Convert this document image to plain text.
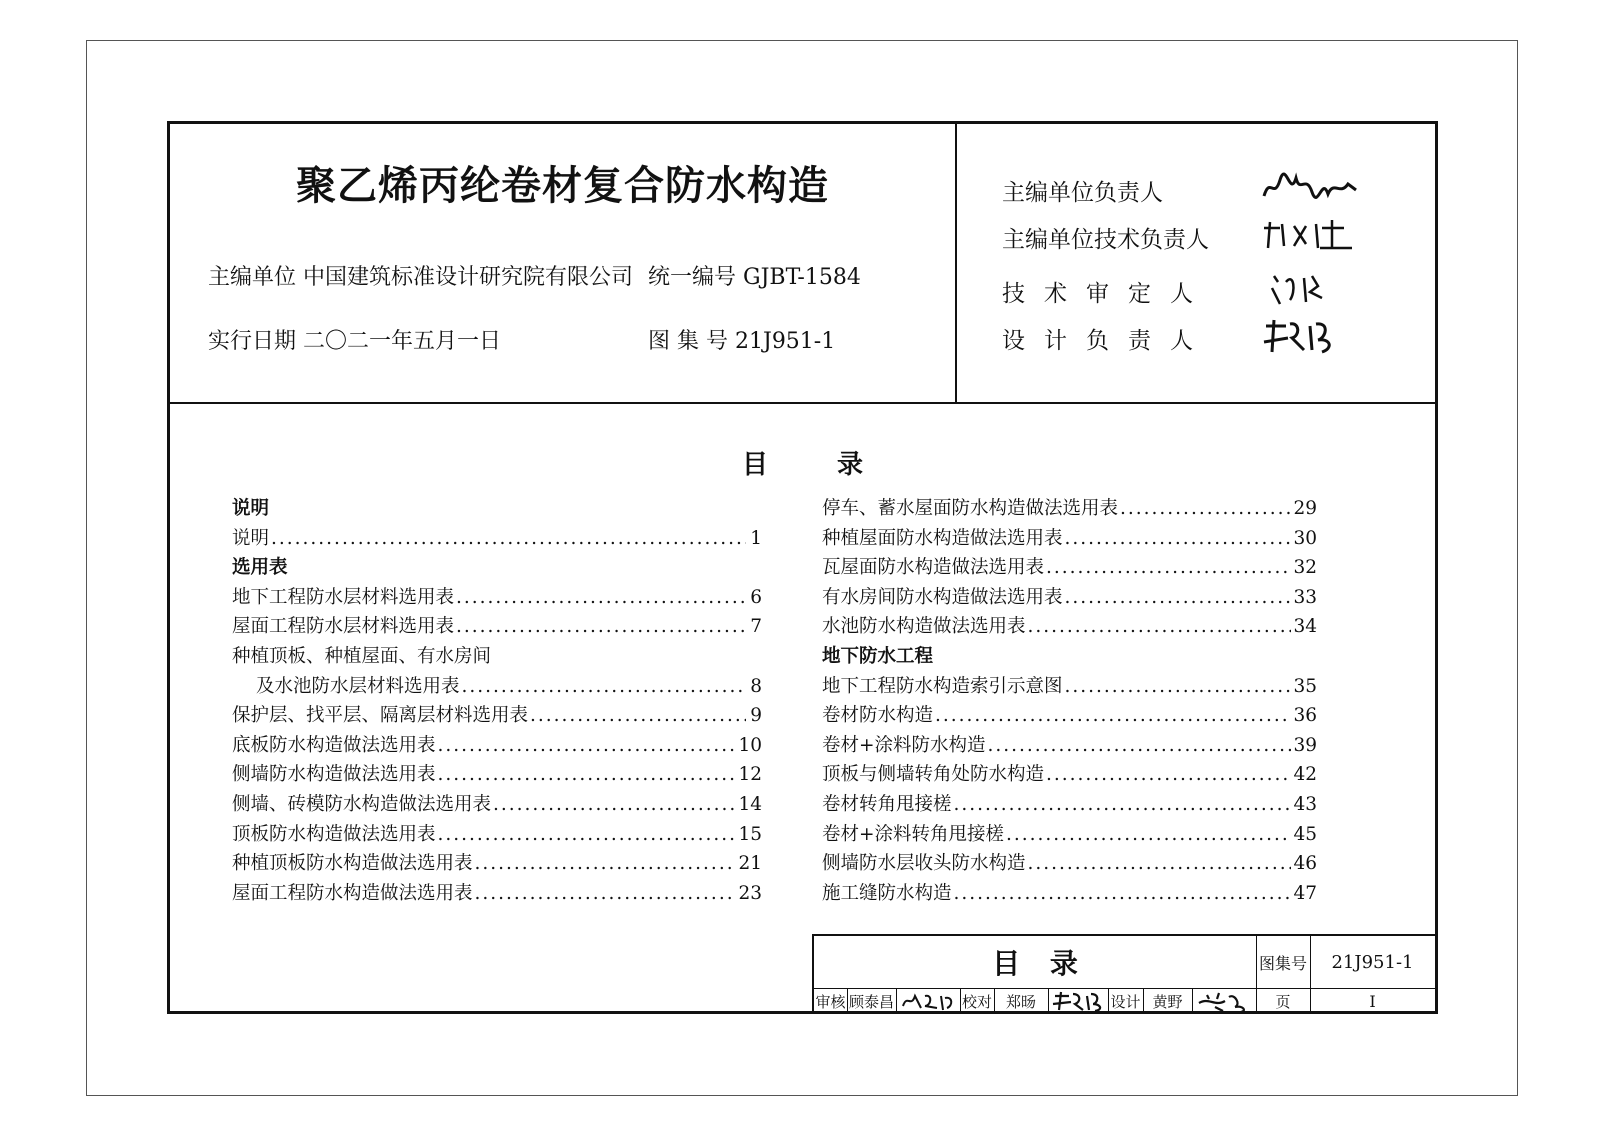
聚乙烯丙纶卷材复合防水构造
主编单位 中国建筑标准设计研究院有限公司 统一编号 GJBT-1584
实行日期 二〇二一年五月一日	图 集 号 21J951-1
主编单位负责人
主编单位技术负责人
技术审定人
设计负责人
目 录
说明
说明 .....	1
选用表
地下工程防水层材料选用表 .....	6
屋面工程防水层材料选用表 .....	7
种植顶板、种植屋面、有水房间
及水池防水层材料选用表 .....	8
保护层、找平层、隔离层材料选用表 .....	9
底板防水构造做法选用表 .....	10
侧墙防水构造做法选用表 .....	12
侧墙、砖模防水构造做法选用表 .....	14
顶板防水构造做法选用表 .....	15
种植顶板防水构造做法选用表 .....	21
屋面工程防水构造做法选用表 .....	23
停车、蓄水屋面防水构造做法选用表 .....	29
种植屋面防水构造做法选用表 .....	30
瓦屋面防水构造做法选用表 .....	32
有水房间防水构造做法选用表 .....	33
水池防水构造做法选用表 .....	34
地下防水工程
地下工程防水构造索引示意图 .....	35
卷材防水构造 .....	36
卷材+涂料防水构造 .....	39
顶板与侧墙转角处防水构造 .....	42
卷材转角甩接槎 .....	43
卷材+涂料转角甩接槎 .....	45
侧墙防水层收头防水构造 .....	46
施工缝防水构造 .....	47
目 录	图集号	21J951-1
审核 顾泰昌	校对 郑旸	设计 黄野	页	I
